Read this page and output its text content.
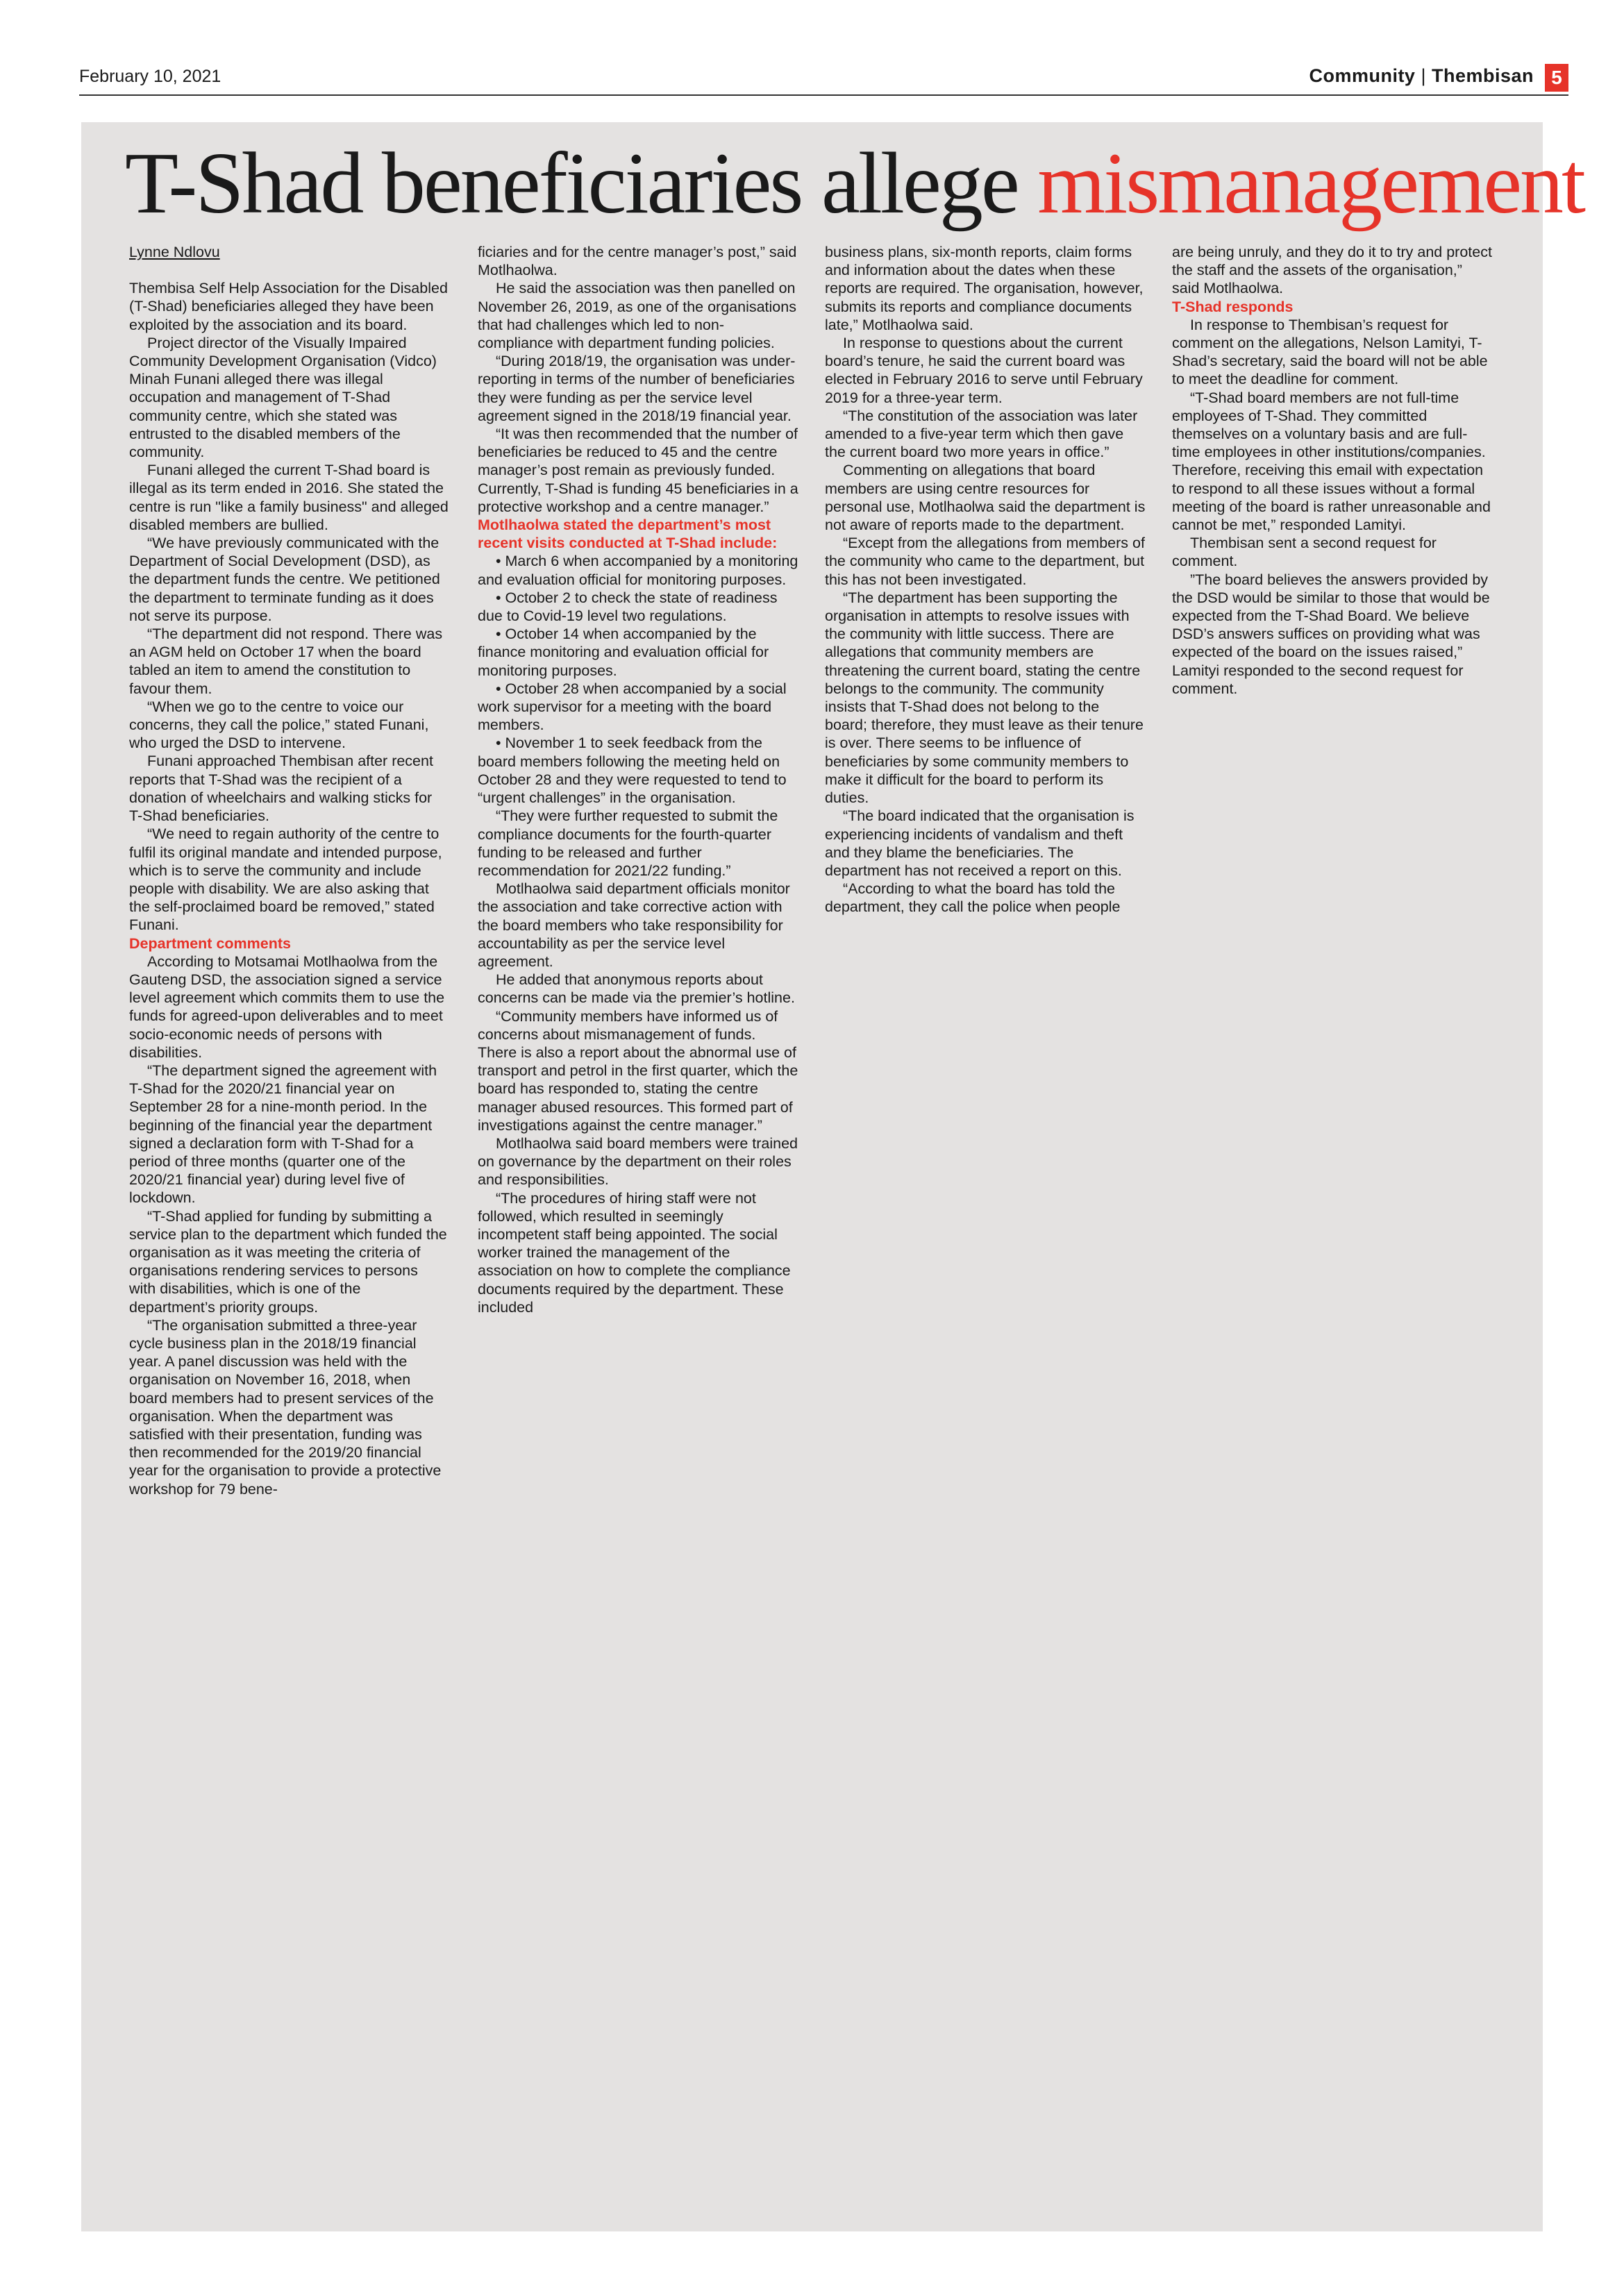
February 10, 2021	Community | Thembisan 5
T-Shad beneficiaries allege mismanagement

Lynne Ndlovu

Thembisa Self Help Association for the Disabled (T-Shad) beneficiaries alleged they have been exploited by the association and its board.

Project director of the Visually Impaired Community Development Organisation (Vidco) Minah Funani alleged there was illegal occupation and management of T-Shad community centre, which she stated was entrusted to the disabled members of the community.

Funani alleged the current T-Shad board is illegal as its term ended in 2016. She stated the centre is run "like a family business" and alleged disabled members are bullied.

“We have previously communicated with the Department of Social Development (DSD), as the department funds the centre. We petitioned the department to terminate funding as it does not serve its purpose.

“The department did not respond. There was an AGM held on October 17 when the board tabled an item to amend the constitution to favour them.

“When we go to the centre to voice our concerns, they call the police,” stated Funani, who urged the DSD to intervene.

Funani approached Thembisan after recent reports that T-Shad was the recipient of a donation of wheelchairs and walking sticks for T-Shad beneficiaries.

“We need to regain authority of the centre to fulfil its original mandate and intended purpose, which is to serve the community and include people with disability. We are also asking that the self-proclaimed board be removed,” stated Funani.

Department comments

According to Motsamai Motlhaolwa from the Gauteng DSD, the association signed a service level agreement which commits them to use the funds for agreed-upon deliverables and to meet socio-economic needs of persons with disabilities.

“The department signed the agreement with T-Shad for the 2020/21 financial year on September 28 for a nine-month period. In the beginning of the financial year the department signed a declaration form with T-Shad for a period of three months (quarter one of the 2020/21 financial year) during level five of lockdown.

“T-Shad applied for funding by submitting a service plan to the department which funded the organisation as it was meeting the criteria of organisations rendering services to persons with disabilities, which is one of the department’s priority groups.

“The organisation submitted a three-year cycle business plan in the 2018/19 financial year. A panel discussion was held with the organisation on November 16, 2018, when board members had to present services of the organisation. When the department was satisfied with their presentation, funding was then recommended for the 2019/20 financial year for the organisation to provide a protective workshop for 79 bene-

ficiaries and for the centre manager’s post,” said Motlhaolwa.

He said the association was then panelled on November 26, 2019, as one of the organisations that had challenges which led to non-compliance with department funding policies.

“During 2018/19, the organisation was under-reporting in terms of the number of beneficiaries they were funding as per the service level agreement signed in the 2018/19 financial year.

“It was then recommended that the number of beneficiaries be reduced to 45 and the centre manager’s post remain as previously funded. Currently, T-Shad is funding 45 beneficiaries in a protective workshop and a centre manager.”

Motlhaolwa stated the department’s most recent visits conducted at T-Shad include:

• March 6 when accompanied by a monitoring and evaluation official for monitoring purposes.

• October 2 to check the state of readiness due to Covid-19 level two regulations.

• October 14 when accompanied by the finance monitoring and evaluation official for monitoring purposes.

• October 28 when accompanied by a social work supervisor for a meeting with the board members.

• November 1 to seek feedback from the board members following the meeting held on October 28 and they were requested to tend to “urgent challenges” in the organisation.

“They were further requested to submit the compliance documents for the fourth-quarter funding to be released and further recommendation for 2021/22 funding.”

Motlhaolwa said department officials monitor the association and take corrective action with the board members who take responsibility for accountability as per the service level agreement.

He added that anonymous reports about concerns can be made via the premier’s hotline.

“Community members have informed us of concerns about mismanagement of funds. There is also a report about the abnormal use of transport and petrol in the first quarter, which the board has responded to, stating the centre manager abused resources. This formed part of investigations against the centre manager.”

Motlhaolwa said board members were trained on governance by the department on their roles and responsibilities.

“The procedures of hiring staff were not followed, which resulted in seemingly incompetent staff being appointed. The social worker trained the management of the association on how to complete the compliance documents required by the department. These included

business plans, six-month reports, claim forms and information about the dates when these reports are required. The organisation, however, submits its reports and compliance documents late,” Motlhaolwa said.

In response to questions about the current board’s tenure, he said the current board was elected in February 2016 to serve until February 2019 for a three-year term.

“The constitution of the association was later amended to a five-year term which then gave the current board two more years in office.”

Commenting on allegations that board members are using centre resources for personal use, Motlhaolwa said the department is not aware of reports made to the department.

“Except from the allegations from members of the community who came to the department, but this has not been investigated.

“The department has been supporting the organisation in attempts to resolve issues with the community with little success. There are allegations that community members are threatening the current board, stating the centre belongs to the community. The community insists that T-Shad does not belong to the board; therefore, they must leave as their tenure is over. There seems to be influence of beneficiaries by some community members to make it difficult for the board to perform its duties.

“The board indicated that the organisation is experiencing incidents of vandalism and theft and they blame the beneficiaries. The department has not received a report on this.

“According to what the board has told the department, they call the police when people

are being unruly, and they do it to try and protect the staff and the assets of the organisation,” said Motlhaolwa.

T-Shad responds

In response to Thembisan’s request for comment on the allegations, Nelson Lamityi, T-Shad’s secretary, said the board will not be able to meet the deadline for comment.

“T-Shad board members are not full-time employees of T-Shad. They committed themselves on a voluntary basis and are full-time employees in other institutions/companies. Therefore, receiving this email with expectation to respond to all these issues without a formal meeting of the board is rather unreasonable and cannot be met,” responded Lamityi.

Thembisan sent a second request for comment.

”The board believes the answers provided by the DSD would be similar to those that would be expected from the T-Shad Board. We believe DSD’s answers suffices on providing what was expected of the board on the issues raised,” Lamityi responded to the second request for comment.
